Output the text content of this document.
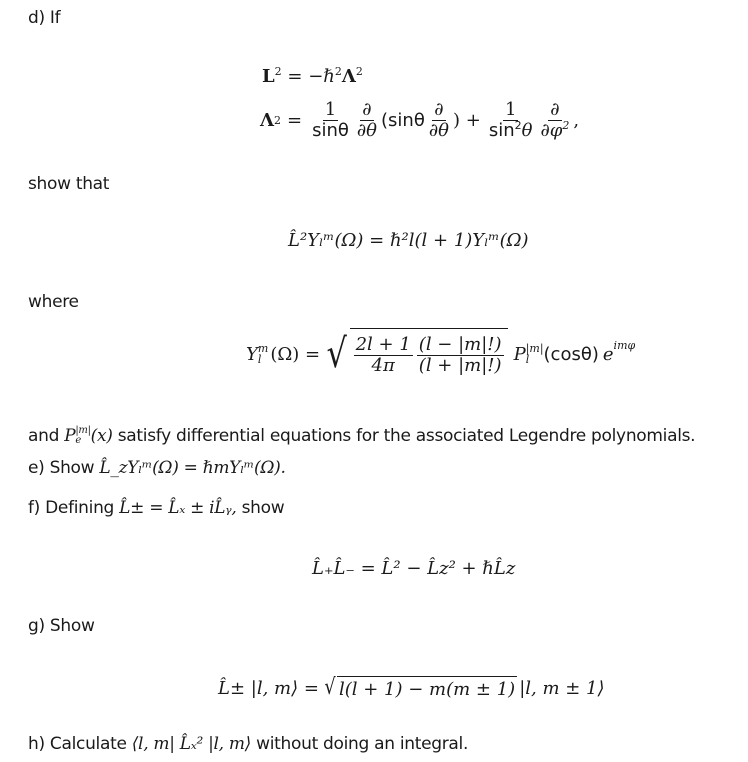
d) If
$L^2$ = $-\hbar^2\Lambda^2$
Λ $2 = \frac{1}{\sin\theta} \frac{\partial}{\partial\theta} (\sin\theta \frac{\partial}{\partial\theta}$ ) + $\frac{1}{\sin^2\theta} \frac{\partial}{\partial\varphi^2}$ ,
show that
L̂²Yₗᵐ(Ω) = ℏ²l(l + 1)Yₗᵐ(Ω)
where
Y m
l (Ω) = √ $\frac{2l + 1}{4\pi} \frac{(l - |m|!)}{(l + |m|!)}$ P |m|
l (cosθ) $e^{im\varphi}$
and P |m|
e (x) satisfy differential equations for the associated Legendre polynomials.
e) Show L̂_zYₗᵐ(Ω) = ℏmYₗᵐ(Ω).
f) Defining L̂± = L̂ₓ ± iL̂ᵧ, show
L̂₊L̂₋ = L̂² − L̂z² + ℏL̂z
g) Show
L̂± |l, m⟩ = √ l(l + 1) − m(m ± 1) |l, m ± 1⟩
h) Calculate ⟨l, m| L̂ₓ² |l, m⟩ without doing an integral.
